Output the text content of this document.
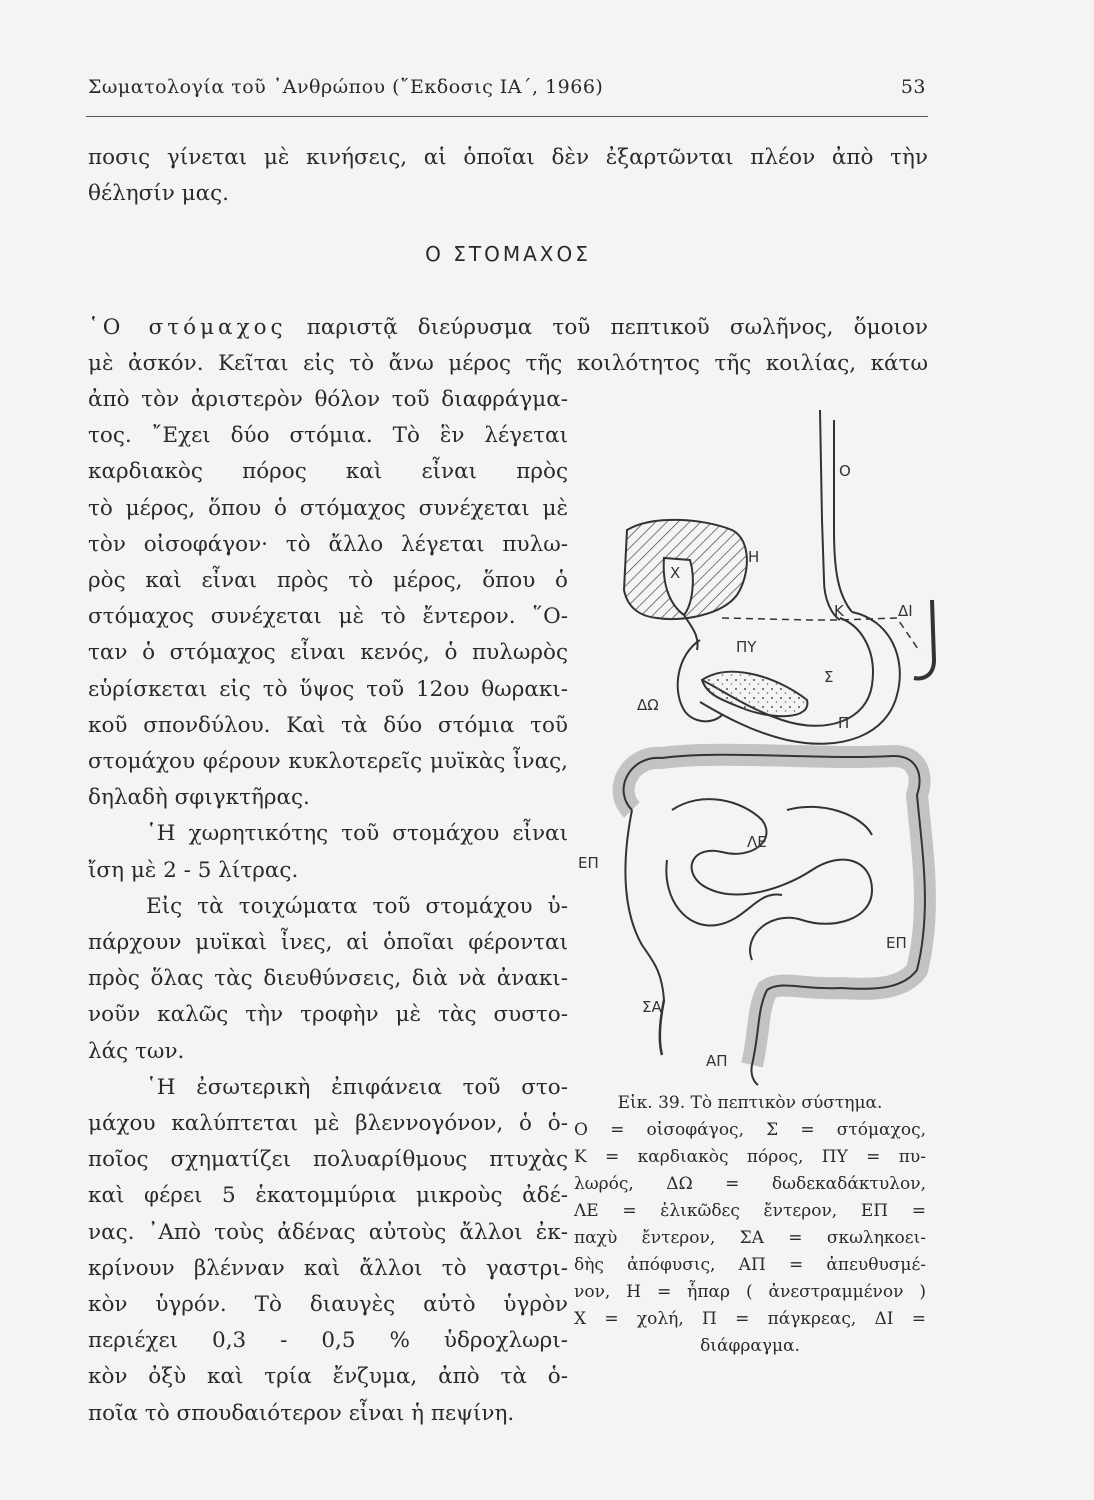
Σωματολογία τοῦ ᾿Ανθρώπου (῎Εκδοσις ΙΑ΄, 1966)	53
ποσις γίνεται μὲ κινήσεις, αἱ ὁποῖαι δὲν ἐξαρτῶνται πλέον ἀπὸ τὴν
θέλησίν μας.
Ο ΣΤΟΜΑΧΟΣ
῾Ο στόμαχος παριστᾷ διεύρυσμα τοῦ πεπτικοῦ σωλῆνος, ὅμοιον
μὲ ἀσκόν. Κεῖται εἰς τὸ ἄνω μέρος τῆς κοιλότητος τῆς κοιλίας, κάτω
ἀπὸ τὸν ἀριστερὸν θόλον τοῦ διαφράγμα-
τος. ῎Εχει δύο στόμια. Τὸ ἓν λέγεται
καρδιακὸς πόρος καὶ εἶναι πρὸς
τὸ μέρος, ὅπου ὁ στόμαχος συνέχεται μὲ
τὸν οἰσοφάγον· τὸ ἄλλο λέγεται πυλω-
ρὸς καὶ εἶναι πρὸς τὸ μέρος, ὅπου ὁ
στόμαχος συνέχεται μὲ τὸ ἔντερον. ῞Ο-
ταν ὁ στόμαχος εἶναι κενός, ὁ πυλωρὸς
εὑρίσκεται εἰς τὸ ὕψος τοῦ 12ου θωρακι-
κοῦ σπονδύλου. Καὶ τὰ δύο στόμια τοῦ
στομάχου φέρουν κυκλοτερεῖς μυϊκὰς ἶνας,
δηλαδὴ σφιγκτῆρας.
῾Η χωρητικότης τοῦ στομάχου εἶναι
ἴση μὲ 2 - 5 λίτρας.
Εἰς τὰ τοιχώματα τοῦ στομάχου ὑ-
πάρχουν μυϊκαὶ ἶνες, αἱ ὁποῖαι φέρονται
πρὸς ὅλας τὰς διευθύνσεις, διὰ νὰ ἀνακι-
νοῦν καλῶς τὴν τροφὴν μὲ τὰς συστο-
λάς των.
῾Η ἐσωτερικὴ ἐπιφάνεια τοῦ στο-
μάχου καλύπτεται μὲ βλεννογόνον, ὁ ὁ-
ποῖος σχηματίζει πολυαρίθμους πτυχὰς
καὶ φέρει 5 ἑκατομμύρια μικροὺς ἀδέ-
νας. ᾿Απὸ τοὺς ἀδένας αὐτοὺς ἄλλοι ἐκ-
κρίνουν βλένναν καὶ ἄλλοι τὸ γαστρι-
κὸν ὑγρόν. Τὸ διαυγὲς αὐτὸ ὑγρὸν
περιέχει 0,3 - 0,5 % ὑδροχλωρι-
κὸν ὀξὺ καὶ τρία ἔνζυμα, ἀπὸ τὰ ὁ-
ποῖα τὸ σπουδαιότερον εἶναι ἡ πεψίνη.
Ο
Χ
Η
Κ	ΔΙ
ΠΥ
Σ
ΔΩ
Π
ΛΕ
ΕΠ
ΕΠ
ΣΑ
ΑΠ
Εἰκ. 39. Τὸ πεπτικὸν σύστημα.
Ο = οἰσοφάγος, Σ = στόμαχος,
Κ = καρδιακὸς πόρος, ΠΥ = πυ-
λωρός, ΔΩ = δωδεκαδάκτυλον,
ΛΕ = ἑλικῶδες ἔντερον, ΕΠ =
παχὺ ἔντερον, ΣΑ = σκωληκοει-
δὴς ἀπόφυσις, ΑΠ = ἀπευθυσμέ-
νον, Η = ἧπαρ ( ἀνεστραμμένον )
Χ = χολή, Π = πάγκρεας, ΔΙ =
διάφραγμα.
